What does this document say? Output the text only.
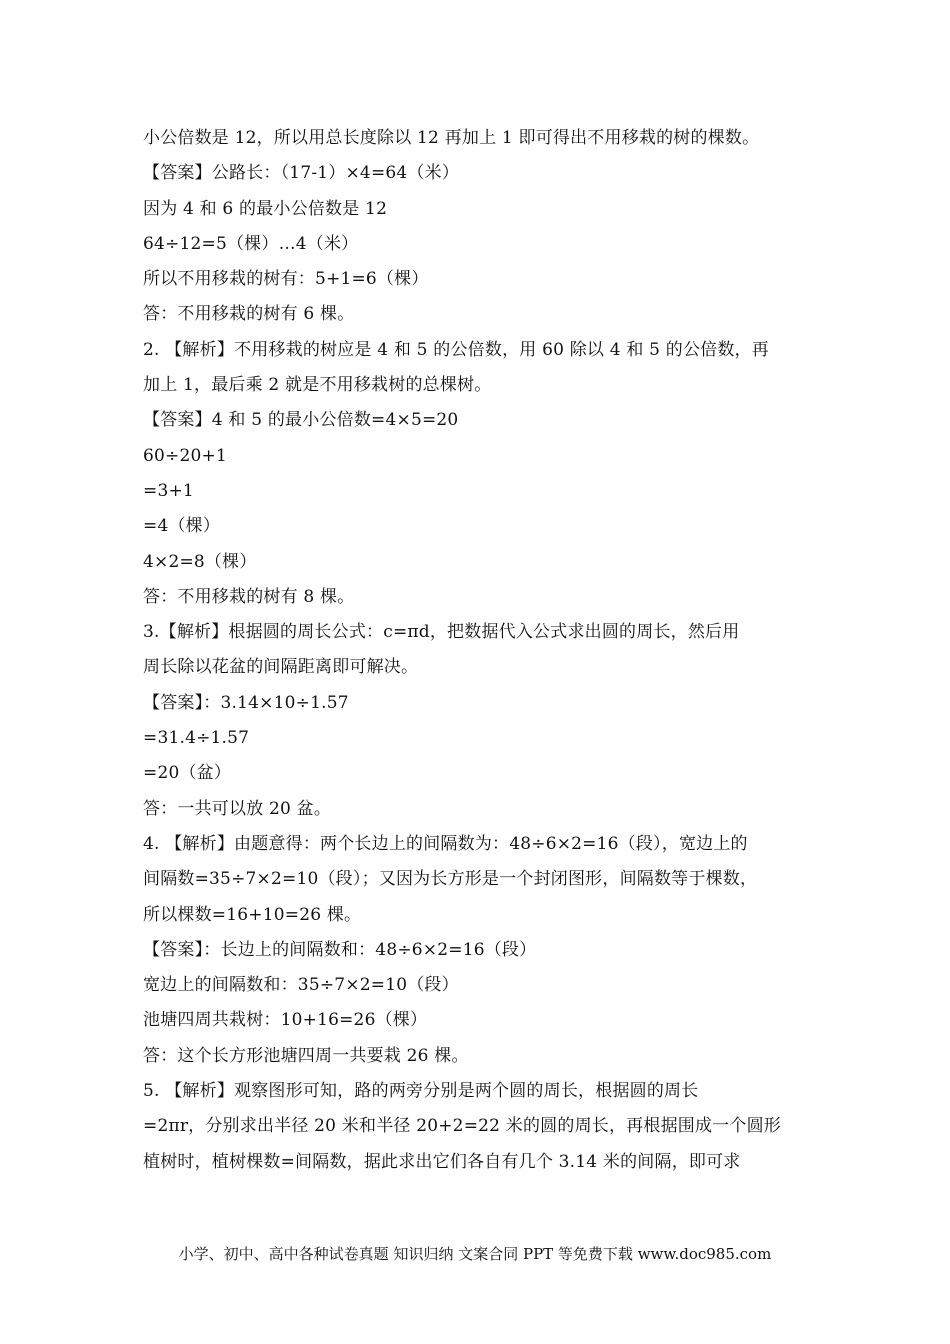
小公倍数是 12，所以用总长度除以 12 再加上 1 即可得出不用移栽的树的棵数。
【答案】公路长：（17-1）×4=64（米）
因为 4 和 6 的最小公倍数是 12
64÷12=5（棵）…4（米）
所以不用移栽的树有：5+1=6（棵）
答：不用移栽的树有 6 棵。
2. 【解析】不用移栽的树应是 4 和 5 的公倍数，用 60 除以 4 和 5 的公倍数，再
加上 1，最后乘 2 就是不用移栽树的总棵树。
【答案】4 和 5 的最小公倍数=4×5=20
60÷20+1
=3+1
=4（棵）
4×2=8（棵）
答：不用移栽的树有 8 棵。
3.【解析】根据圆的周长公式：c=πd，把数据代入公式求出圆的周长，然后用
周长除以花盆的间隔距离即可解决。
【答案】：3.14×10÷1.57
=31.4÷1.57
=20（盆）
答：一共可以放 20 盆。
4. 【解析】由题意得：两个长边上的间隔数为：48÷6×2=16（段），宽边上的
间隔数=35÷7×2=10（段）；又因为长方形是一个封闭图形，间隔数等于棵数，
所以棵数=16+10=26 棵。
【答案】：长边上的间隔数和：48÷6×2=16（段）
宽边上的间隔数和：35÷7×2=10（段）
池塘四周共栽树：10+16=26（棵）
答：这个长方形池塘四周一共要栽 26 棵。
5. 【解析】观察图形可知，路的两旁分别是两个圆的周长，根据圆的周长
=2πr，分别求出半径 20 米和半径 20+2=22 米的圆的周长，再根据围成一个圆形
植树时，植树棵数=间隔数，据此求出它们各自有几个 3.14 米的间隔，即可求
小学、初中、高中各种试卷真题 知识归纳 文案合同 PPT 等免费下载 www.doc985.com
